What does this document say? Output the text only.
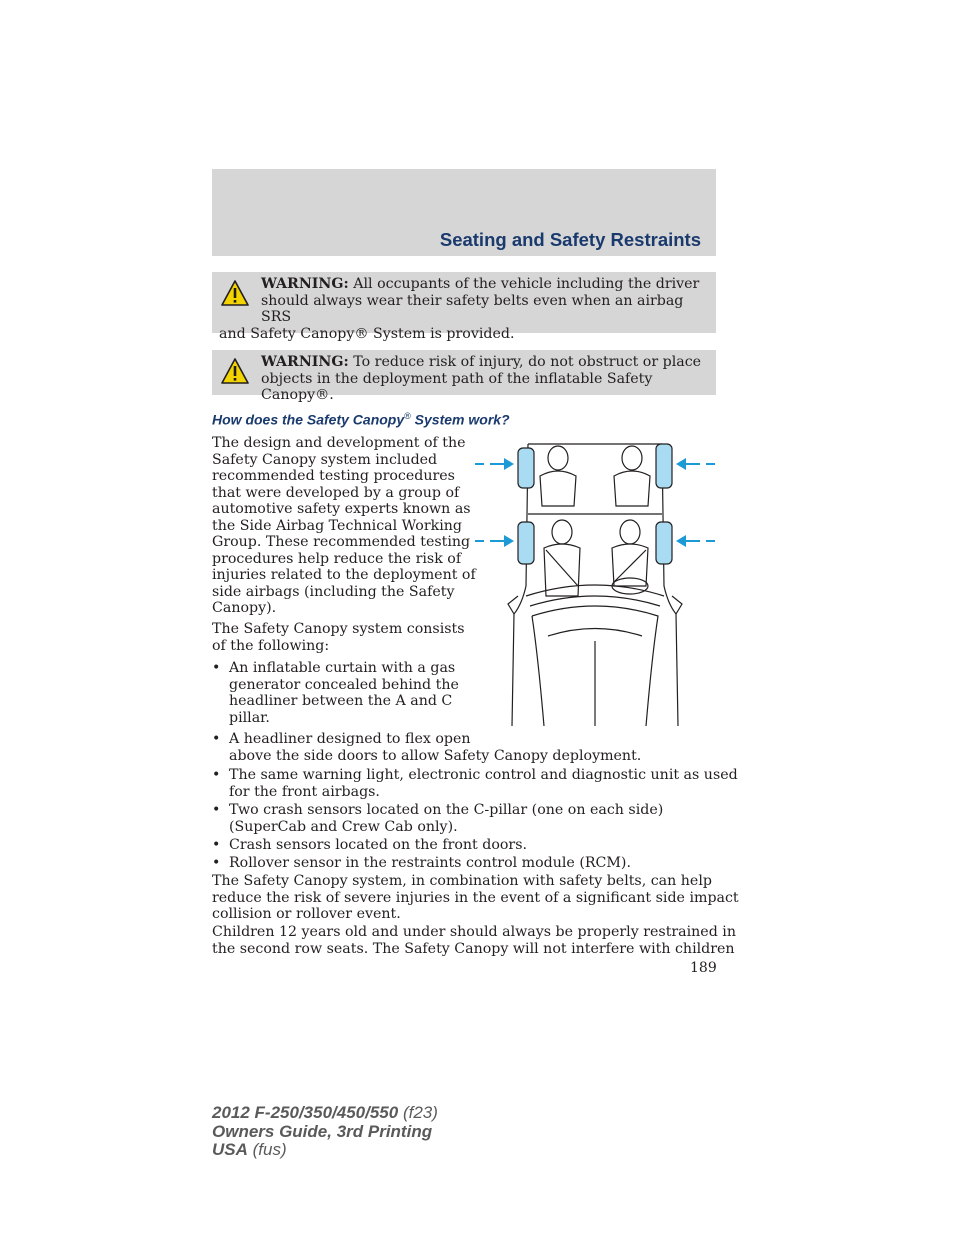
Seating and Safety Restraints

WARNING: All occupants of the vehicle including the driver

should always wear their safety belts even when an airbag SRS

and Safety Canopy® System is provided.

WARNING: To reduce risk of injury, do not obstruct or place

objects in the deployment path of the inflatable Safety Canopy®.

How does the Safety Canopy® System work?
The design and development of the
Safety Canopy system included
recommended testing procedures
that were developed by a group of
automotive safety experts known as
the Side Airbag Technical Working
Group. These recommended testing
procedures help reduce the risk of
injuries related to the deployment of
side airbags (including the Safety
Canopy).
The Safety Canopy system consists
of the following:
• An inflatable curtain with a gas
generator concealed behind the
headliner between the A and C
pillar.
• A headliner designed to flex open
above the side doors to allow Safety Canopy deployment.
• The same warning light, electronic control and diagnostic unit as used
for the front airbags.
• Two crash sensors located on the C-pillar (one on each side)
(SuperCab and Crew Cab only).
• Crash sensors located on the front doors.
• Rollover sensor in the restraints control module (RCM).
The Safety Canopy system, in combination with safety belts, can help
reduce the risk of severe injuries in the event of a significant side impact
collision or rollover event.
Children 12 years old and under should always be properly restrained in
the second row seats. The Safety Canopy will not interfere with children
189
2012 F-250/350/450/550 (f23)
Owners Guide, 3rd Printing
USA (fus)
